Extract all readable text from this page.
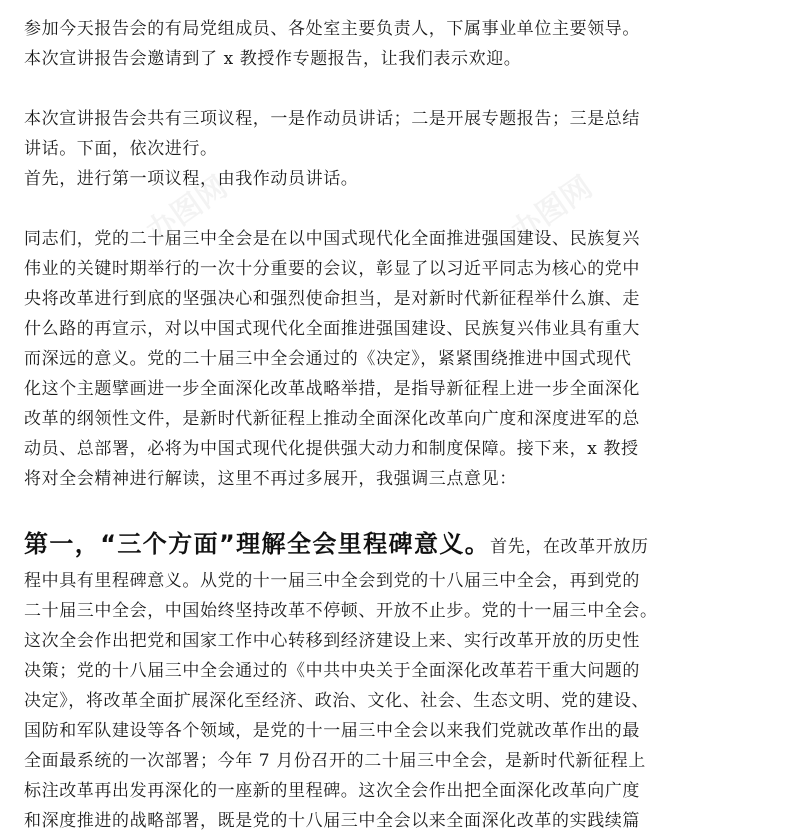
参加今天报告会的有局党组成员、各处室主要负责人，下属事业单位主要领导。
本次宣讲报告会邀请到了 x 教授作专题报告，让我们表示欢迎。
本次宣讲报告会共有三项议程，一是作动员讲话；二是开展专题报告；三是总结
讲话。下面，依次进行。
首先，进行第一项议程，由我作动员讲话。
同志们，党的二十届三中全会是在以中国式现代化全面推进强国建设、民族复兴
伟业的关键时期举行的一次十分重要的会议，彰显了以习近平同志为核心的党中
央将改革进行到底的坚强决心和强烈使命担当，是对新时代新征程举什么旗、走
什么路的再宣示，对以中国式现代化全面推进强国建设、民族复兴伟业具有重大
而深远的意义。党的二十届三中全会通过的《决定》，紧紧围绕推进中国式现代
化这个主题擘画进一步全面深化改革战略举措，是指导新征程上进一步全面深化
改革的纲领性文件，是新时代新征程上推动全面深化改革向广度和深度进军的总
动员、总部署，必将为中国式现代化提供强大动力和制度保障。接下来，x 教授
将对全会精神进行解读，这里不再过多展开，我强调三点意见：
第一，“三个方面”理解全会里程碑意义。首先，在改革开放历
程中具有里程碑意义。从党的十一届三中全会到党的十八届三中全会，再到党的
二十届三中全会，中国始终坚持改革不停顿、开放不止步。党的十一届三中全会。
这次全会作出把党和国家工作中心转移到经济建设上来、实行改革开放的历史性
决策；党的十八届三中全会通过的《中共中央关于全面深化改革若干重大问题的
决定》，将改革全面扩展深化至经济、政治、文化、社会、生态文明、党的建设、
国防和军队建设等各个领域，是党的十一届三中全会以来我们党就改革作出的最
全面最系统的一次部署；今年 7 月份召开的二十届三中全会，是新时代新征程上
标注改革再出发再深化的一座新的里程碑。这次全会作出把全面深化改革向广度
和深度推进的战略部署，既是党的十八届三中全会以来全面深化改革的实践续篇
